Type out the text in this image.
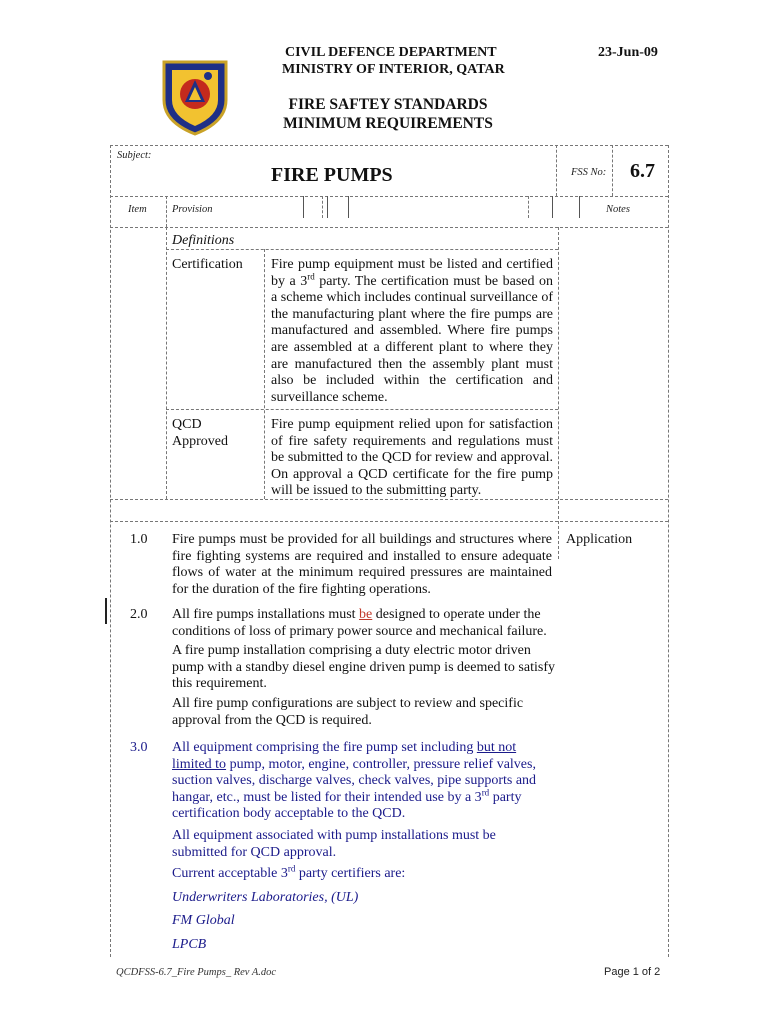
CIVIL DEFENCE DEPARTMENT
MINISTRY OF INTERIOR, QATAR
23-Jun-09
FIRE SAFTEY STANDARDS
MINIMUM REQUIREMENTS
Subject:
FIRE PUMPS	FSS No: 6.7
Item Provision	Notes
Definitions
Certification Fire pump equipment must be listed and certified by a 3rd party. The certification must be based on a scheme which includes continual surveillance of the manufacturing plant where the fire pumps are manufactured and assembled. Where fire pumps are assembled at a different plant to where they are manufactured then the assembly plant must also be included within the certification and surveillance scheme.
QCD
Approved
Fire pump equipment relied upon for satisfaction of fire safety requirements and regulations must be submitted to the QCD for review and approval. On approval a QCD certificate for the fire pump will be issued to the submitting party.
1.0 Fire pumps must be provided for all buildings and structures where fire fighting systems are required and installed to ensure adequate flows of water at the minimum required pressures are maintained for the duration of the fire fighting operations.
Application
2.0 All fire pumps installations must be designed to operate under the conditions of loss of primary power source and mechanical failure.
A fire pump installation comprising a duty electric motor driven pump with a standby diesel engine driven pump is deemed to satisfy this requirement.
All fire pump configurations are subject to review and specific approval from the QCD is required.
3.0 All equipment comprising the fire pump set including but not limited to pump, motor, engine, controller, pressure relief valves, suction valves, discharge valves, check valves, pipe supports and hangar, etc., must be listed for their intended use by a 3rd party certification body acceptable to the QCD.
All equipment associated with pump installations must be submitted for QCD approval.
Current acceptable 3rd party certifiers are:
Underwriters Laboratories, (UL)
FM Global
LPCB
QCDFSS-6.7_Fire Pumps_ Rev A.doc	Page 1 of 2
